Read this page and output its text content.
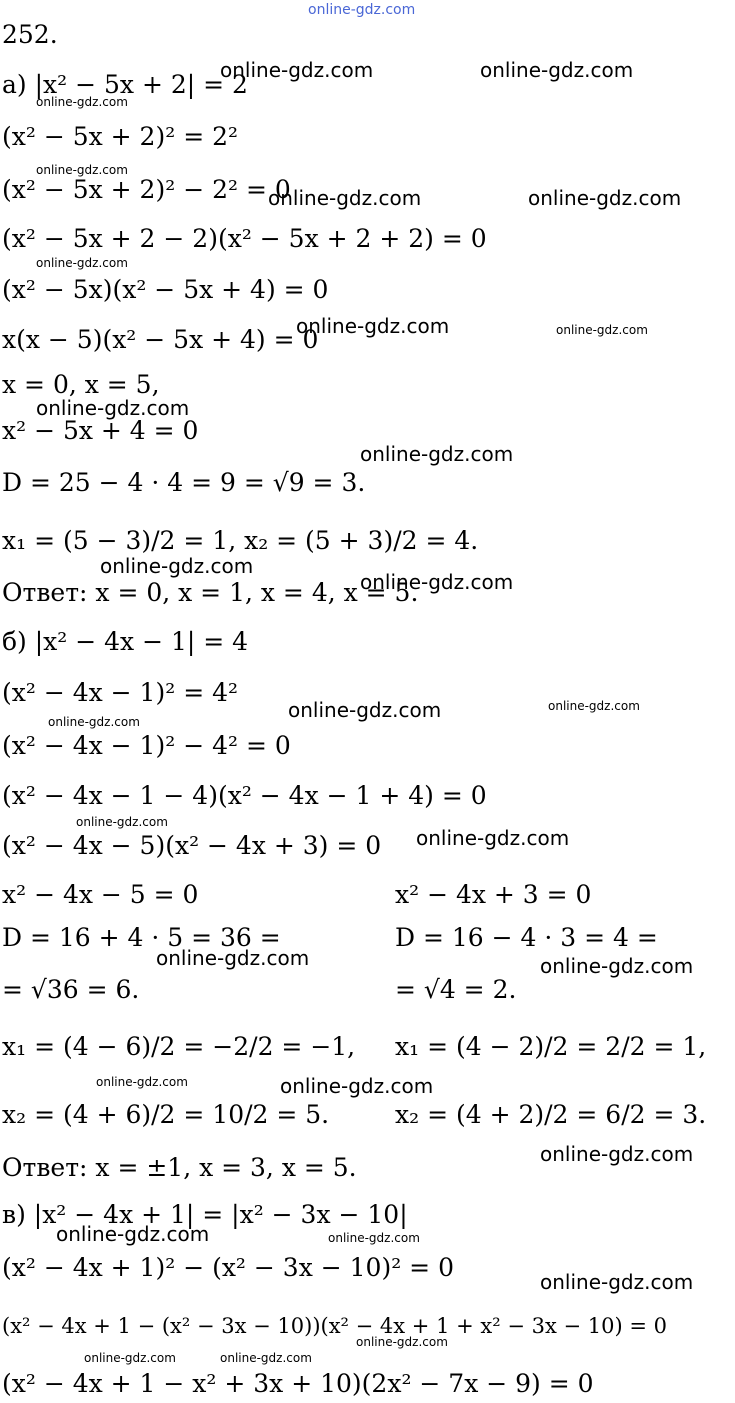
online-gdz.com
252.
а) |x² − 5x + 2| = 2
(x² − 5x + 2)² = 2²
(x² − 5x + 2)² − 2² = 0
(x² − 5x + 2 − 2)(x² − 5x + 2 + 2) = 0
(x² − 5x)(x² − 5x + 4) = 0
x(x − 5)(x² − 5x + 4) = 0
x = 0, x = 5,
x² − 5x + 4 = 0
D = 25 − 4 · 4 = 9 = √9 = 3.
x₁ = (5 − 3)/2 = 1, x₂ = (5 + 3)/2 = 4.
Ответ: x = 0, x = 1, x = 4, x = 5.
б) |x² − 4x − 1| = 4
(x² − 4x − 1)² = 4²
(x² − 4x − 1)² − 4² = 0
(x² − 4x − 1 − 4)(x² − 4x − 1 + 4) = 0
(x² − 4x − 5)(x² − 4x + 3) = 0
x² − 4x − 5 = 0	x² − 4x + 3 = 0
D = 16 + 4 · 5 = 36 =	D = 16 − 4 · 3 = 4 =
= √36 = 6.	= √4 = 2.
x₁ = (4 − 6)/2 = −2/2 = −1, x₁ = (4 − 2)/2 = 2/2 = 1,
x₂ = (4 + 6)/2 = 10/2 = 5.	x₂ = (4 + 2)/2 = 6/2 = 3.
Ответ: x = ±1, x = 3, x = 5.
в) |x² − 4x + 1| = |x² − 3x − 10|
(x² − 4x + 1)² − (x² − 3x − 10)² = 0
(x² − 4x + 1 − (x² − 3x − 10))(x² − 4x + 1 + x² − 3x − 10) = 0
(x² − 4x + 1 − x² + 3x + 10)(2x² − 7x − 9) = 0
online-gdz.com	online-gdz.com
online-gdz.com	online-gdz.com
online-gdz.com
online-gdz.com
online-gdz.com
online-gdz.com
online-gdz.com
online-gdz.com
online-gdz.com
online-gdz.com	online-gdz.com
online-gdz.com
online-gdz.com
online-gdz.com
online-gdz.com
online-gdz.com
online-gdz.com
online-gdz.com
online-gdz.com
online-gdz.com
online-gdz.com
online-gdz.com
online-gdz.com
online-gdz.com
online-gdz.com
online-gdz.com	online-gdz.com
